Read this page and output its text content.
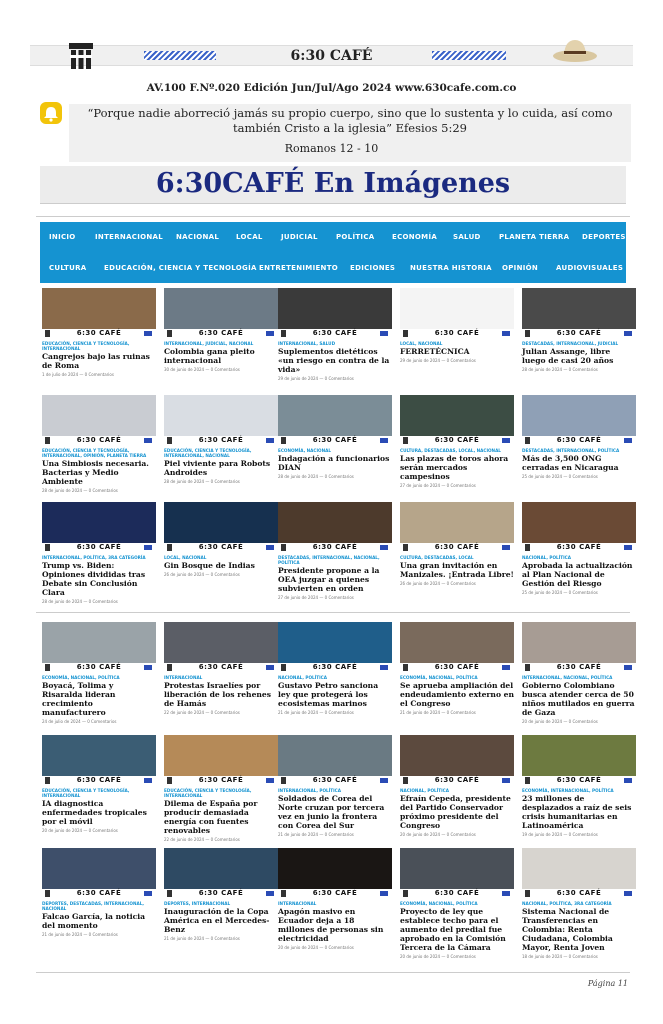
6:30 CAFÉ
AV.100 F.Nº.020 Edición Jun/Jul/Ago 2024 www.630cafe.com.co
“Porque nadie aborreció jamás su propio cuerpo, sino que lo sustenta y lo cuida, así como también Cristo a la iglesia” Efesios 5:29
Romanos 12 - 10
6:30CAFÉ En Imágenes
INICIO	INTERNACIONAL NACIONAL LOCAL	JUDICIAL	POLÍTICA	ECONOMÍA SALUD	PLANETA TIERRA DEPORTES
CULTURA	EDUCACIÓN, CIENCIA Y TECNOLOGÍA ENTRETENIMIENTO EDICIONES NUESTRA HISTORIA OPINIÓN	AUDIOVISUALES
6:30 CAFÉ
EDUCACIÓN, CIENCIA Y TECNOLOGÍA, INTERNACIONAL
Cangrejos bajo las ruinas de Roma
1 de julio de 2024 — 0 Comentarios
6:30 CAFÉ
INTERNACIONAL, JUDICIAL, NACIONAL
Colombia gana pleito internacional
30 de junio de 2024 — 0 Comentarios
6:30 CAFÉ
INTERNACIONAL, SALUD
Suplementos dietéticos «un riesgo en contra de la vida»
29 de junio de 2024 — 0 Comentarios
6:30 CAFÉ
LOCAL, NACIONAL
FERRETÉCNICA
29 de junio de 2024 — 0 Comentarios
6:30 CAFÉ
DESTACADAS, INTERNACIONAL, JUDICIAL
Julian Assange, libre luego de casi 20 años
28 de junio de 2024 — 0 Comentarios
6:30 CAFÉ
EDUCACIÓN, CIENCIA Y TECNOLOGÍA, INTERNACIONAL, OPINIÓN, PLANETA TIERRA
Una Simbiosis necesaria. Bacterias y Medio Ambiente
28 de junio de 2024 — 0 Comentarios
6:30 CAFÉ
EDUCACIÓN, CIENCIA Y TECNOLOGÍA, INTERNACIONAL, NACIONAL
Piel viviente para Robots Androides
28 de junio de 2024 — 0 Comentarios
6:30 CAFÉ
ECONOMÍA, NACIONAL
Indagación a funcionarios DIAN
28 de junio de 2024 — 0 Comentarios
6:30 CAFÉ
CULTURA, DESTACADAS, LOCAL, NACIONAL
Las plazas de toros ahora serán mercados campesinos
27 de junio de 2024 — 0 Comentarios
6:30 CAFÉ
DESTACADAS, INTERNACIONAL, POLÍTICA
Más de 3,500 ONG cerradas en Nicaragua
25 de junio de 2024 — 0 Comentarios
6:30 CAFÉ
INTERNACIONAL, POLÍTICA, 3RA CATEGORÍA
Trump vs. Biden: Opiniones divididas tras Debate sin Conclusión Clara
28 de junio de 2024 — 0 Comentarios
6:30 CAFÉ
LOCAL, NACIONAL
Gin Bosque de Indias
26 de junio de 2024 — 0 Comentarios
6:30 CAFÉ
DESTACADAS, INTERNACIONAL, NACIONAL, POLÍTICA
Presidente propone a la OEA juzgar a quienes subvierten en orden
27 de junio de 2024 — 0 Comentarios
6:30 CAFÉ
CULTURA, DESTACADAS, LOCAL
Una gran invitación en Manizales. ¡Entrada Libre!
26 de junio de 2024 — 0 Comentarios
6:30 CAFÉ
NACIONAL, POLÍTICA
Aprobada la actualización al Plan Nacional de Gestión del Riesgo
25 de junio de 2024 — 0 Comentarios
6:30 CAFÉ
ECONOMÍA, NACIONAL, POLÍTICA
Boyacá, Tolima y Risaralda lideran crecimiento manufacturero
24 de julio de 2024 — 0 Comentarios
6:30 CAFÉ
INTERNACIONAL
Protestas Israelíes por liberación de los rehenes de Hamás
22 de junio de 2024 — 0 Comentarios
6:30 CAFÉ
NACIONAL, POLÍTICA
Gustavo Petro sanciona ley que protegerá los ecosistemas marinos
21 de junio de 2024 — 0 Comentarios
6:30 CAFÉ
ECONOMÍA, NACIONAL, POLÍTICA
Se aprueba ampliación del endeudamiento externo en el Congreso
21 de junio de 2024 — 0 Comentarios
6:30 CAFÉ
INTERNACIONAL, NACIONAL, POLÍTICA
Gobierno Colombiano busca atender cerca de 50 niños mutilados en guerra de Gaza
20 de junio de 2024 — 0 Comentarios
6:30 CAFÉ
EDUCACIÓN, CIENCIA Y TECNOLOGÍA, INTERNACIONAL
IA diagnostica enfermedades tropicales por el móvil
20 de junio de 2024 — 0 Comentarios
6:30 CAFÉ
EDUCACIÓN, CIENCIA Y TECNOLOGÍA, INTERNACIONAL
Dilema de España por producir demasiada energía con fuentes renovables
22 de junio de 2024 — 0 Comentarios
6:30 CAFÉ
INTERNACIONAL, POLÍTICA
Soldados de Corea del Norte cruzan por tercera vez en junio la frontera con Corea del Sur
21 de junio de 2024 — 0 Comentarios
6:30 CAFÉ
NACIONAL, POLÍTICA
Efraín Cepeda, presidente del Partido Conservador próximo presidente del Congreso
20 de junio de 2024 — 0 Comentarios
6:30 CAFÉ
ECONOMÍA, INTERNACIONAL, POLÍTICA
23 millones de desplazados a raíz de seis crisis humanitarias en Latinoamérica
19 de junio de 2024 — 0 Comentarios
6:30 CAFÉ
DEPORTES, DESTACADAS, INTERNACIONAL, NACIONAL
Falcao García, la noticia del momento
21 de junio de 2024 — 0 Comentarios
6:30 CAFÉ
DEPORTES, INTERNACIONAL
Inauguración de la Copa América en el Mercedes-Benz
21 de junio de 2024 — 0 Comentarios
6:30 CAFÉ
INTERNACIONAL
Apagón masivo en Ecuador deja a 18 millones de personas sin electricidad
20 de junio de 2024 — 0 Comentarios
6:30 CAFÉ
ECONOMÍA, NACIONAL, POLÍTICA
Proyecto de ley que establece techo para el aumento del predial fue aprobado en la Comisión Tercera de la Cámara
20 de junio de 2024 — 0 Comentarios
6:30 CAFÉ
NACIONAL, POLÍTICA, 3RA CATEGORÍA
Sistema Nacional de Transferencias en Colombia: Renta Ciudadana, Colombia Mayor, Renta Joven
18 de junio de 2024 — 0 Comentarios
Página 11
